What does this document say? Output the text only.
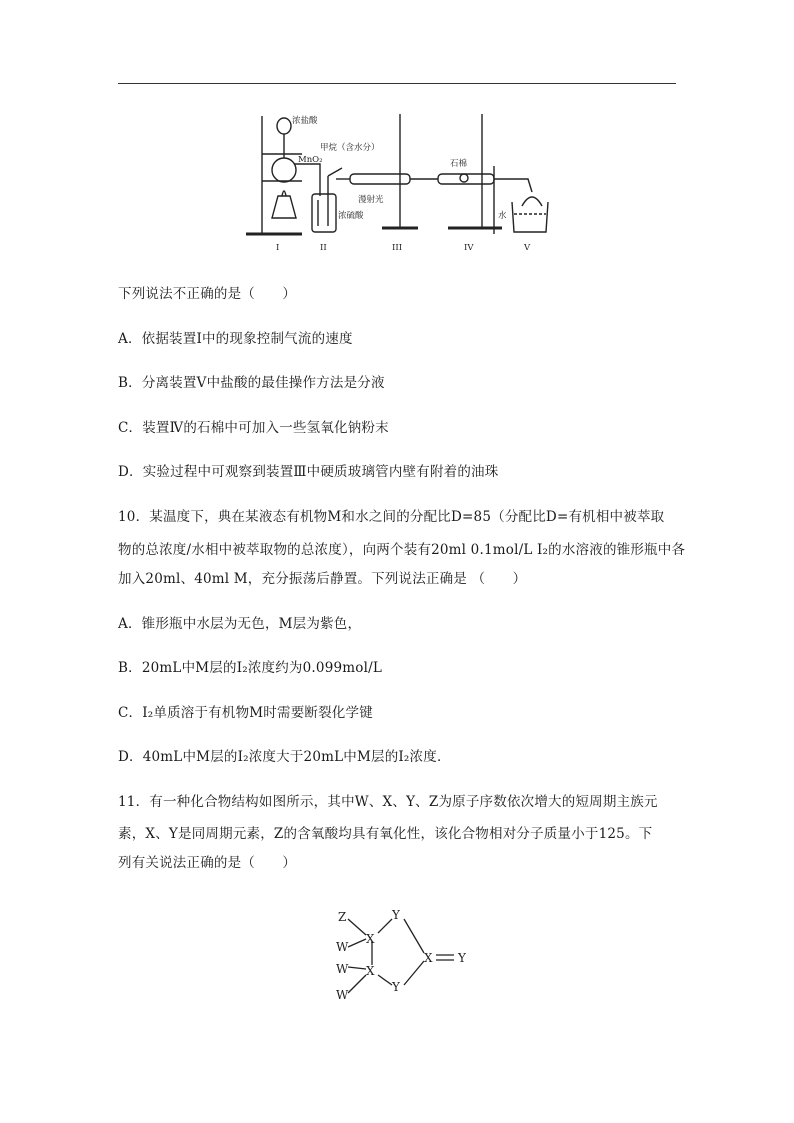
浓盐酸
MnO₂
甲烷（含水分）
石棉
漫射光
浓硫酸	水
I	II	III	IV	V
下列说法不正确的是（　　）
A．依据装置Ⅰ中的现象控制气流的速度
B．分离装置Ⅴ中盐酸的最佳操作方法是分液
C．装置Ⅳ的石棉中可加入一些氢氧化钠粉末
D．实验过程中可观察到装置Ⅲ中硬质玻璃管内壁有附着的油珠
10．某温度下，典在某液态有机物M和水之间的分配比D=85（分配比D=有机相中被萃取
物的总浓度/水相中被萃取物的总浓度），向两个装有20ml 0.1mol/L I₂的水溶液的锥形瓶中各
加入20ml、40ml M，充分振荡后静置。下列说法正确是 （　　）
A．锥形瓶中水层为无色，M层为紫色，
B．20mL中M层的I₂浓度约为0.099mol/L
C．I₂单质溶于有机物M时需要断裂化学键
D．40mL中M层的I₂浓度大于20mL中M层的I₂浓度．
11．有一种化合物结构如图所示，其中W、X、Y、Z为原子序数依次增大的短周期主族元
素，X、Y是同周期元素，Z的含氧酸均具有氧化性，该化合物相对分子质量小于125。下
列有关说法正确的是（　　）
Z
W
X
Y
W X
W
Y
X Y
